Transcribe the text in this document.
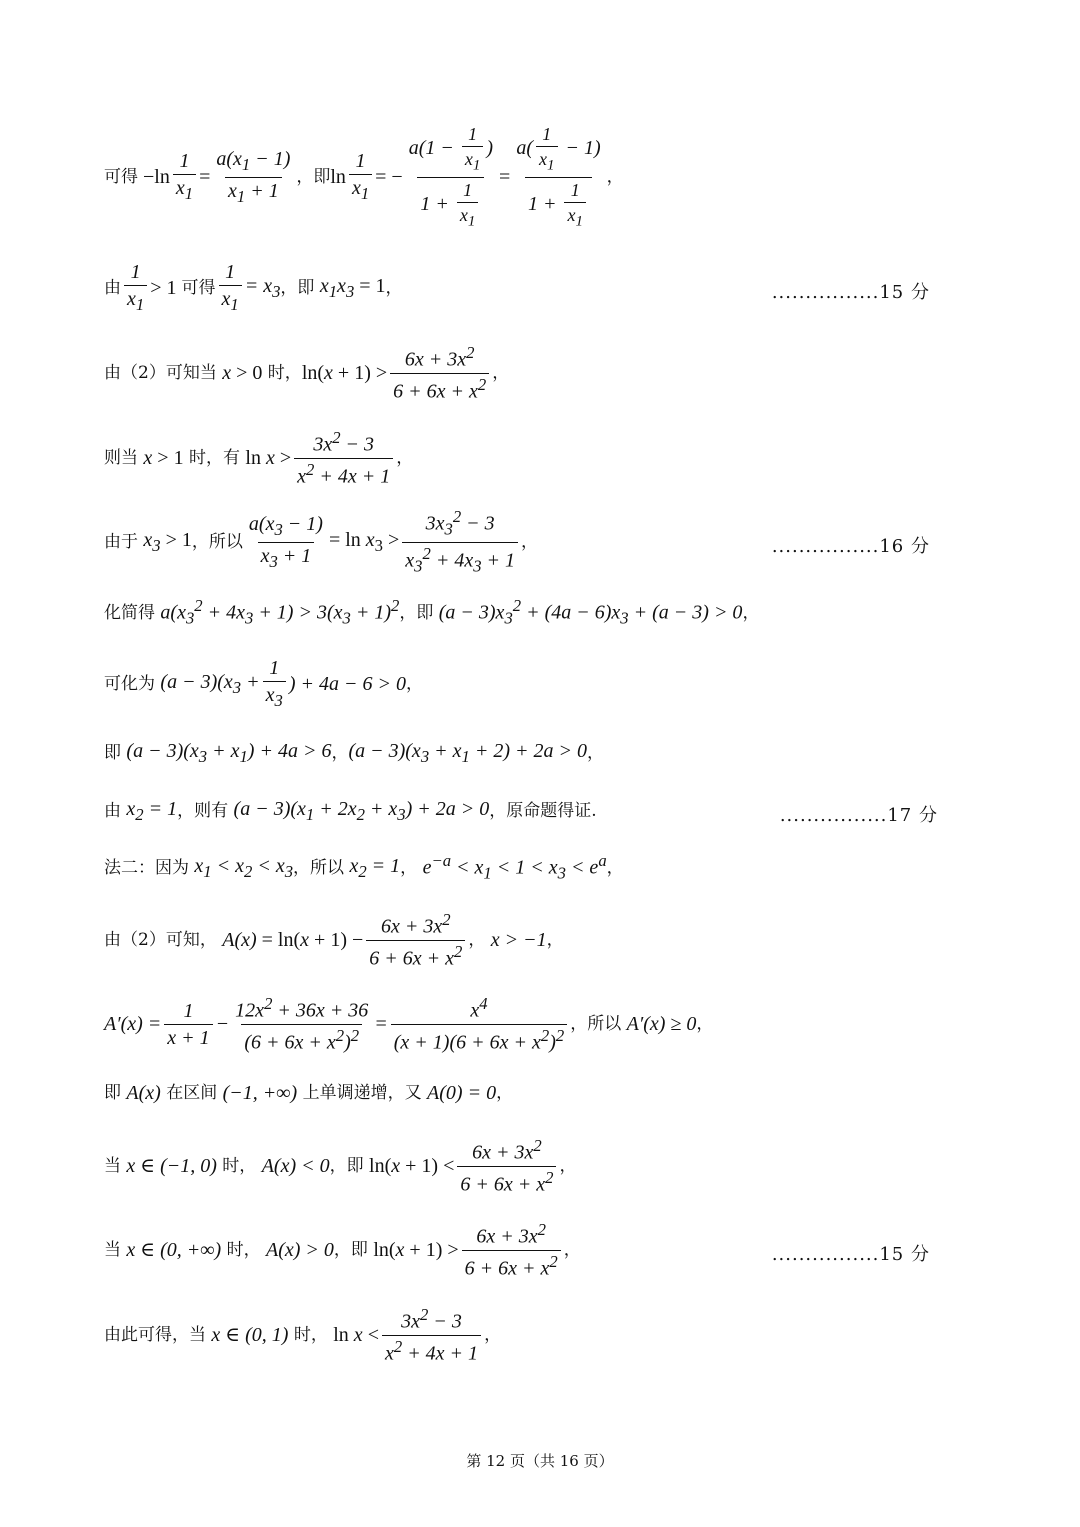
可得 $-\ln \frac{1}{x_1} = \frac{a(x_1 - 1)}{x_1 + 1}$ ，即 $\ln \frac{1}{x_1}$ = − $\frac{a(1 - \frac{1}{x_1} )}{1 + \frac{1}{x_1}} = \frac{a( \frac{1}{x_1} - 1)}{1 + \frac{1}{x_1}}$ ，
由 $\frac{1}{x_1} > 1$ 可得 $\frac{1}{x_1} = x_3$ ，即 $x_1x_3 = 1$ ，	................15 分
由（2）可知当 x > 0 时， $\ln(x + 1) > \frac{6x + 3x^2}{6 + 6x + x^2}$ ，
则当 x > 1 时，有 $\ln x > \frac{3x^2 - 3}{x^2 + 4x + 1}$ ，
由于 $x_3 > 1$ ，所以 $\frac{a(x_3 - 1)}{x_3 + 1} = \ln x_3 > \frac{3x_3^2 - 3}{x_3^2 + 4x_3 + 1}$ ，	................16 分
化简得 $a(x_3^2 + 4x_3 + 1) > 3(x_3 + 1)^2$ ，即 $(a - 3)x_3^2 + (4a - 6)x_3 + (a - 3) > 0$ ，
可化为 $(a - 3)(x_3 + \frac{1}{x_3}$ ) + 4a − 6 > 0 ，
即 $(a - 3)(x_3 + x_1) + 4a > 6$ ， $(a - 3)(x_3 + x_1 + 2) + 2a > 0$ ，
由 $x_2 = 1$ ，则有 $(a - 3)(x_1 + 2x_2 + x_3) + 2a > 0$ ，原命题得证.	................17 分
法二：因为 $x_1 < x_2 < x_3$ ，所以 $x_2 = 1$ ， $e^{-a} < x_1 < 1 < x_3 < e^a$ ，
由（2）可知， $A(x) = \ln(x + 1) - \frac{6x + 3x^2}{6 + 6x + x^2}$ ， x > −1 ，
$A'(x) = \frac{1}{x + 1} - \frac{12x^2 + 36x + 36}{(6 + 6x + x^2)^2} = \frac{x^4}{(x + 1)(6 + 6x + x^2)^2}$ ，所以 A′(x) ≥ 0 ，
即 A(x) 在区间 (−1, +∞) 上单调递增，又 A(0) = 0 ，
当 x ∈ (−1, 0) 时， A(x) < 0 ，即 $\ln(x + 1) < \frac{6x + 3x^2}{6 + 6x + x^2}$ ，
当 x ∈ (0, +∞) 时， A(x) > 0 ，即 $\ln(x + 1) > \frac{6x + 3x^2}{6 + 6x + x^2}$ ，	................15 分
由此可得，当 x ∈ (0, 1) 时， $\ln x < \frac{3x^2 - 3}{x^2 + 4x + 1}$ ，
第 12 页（共 16 页）
